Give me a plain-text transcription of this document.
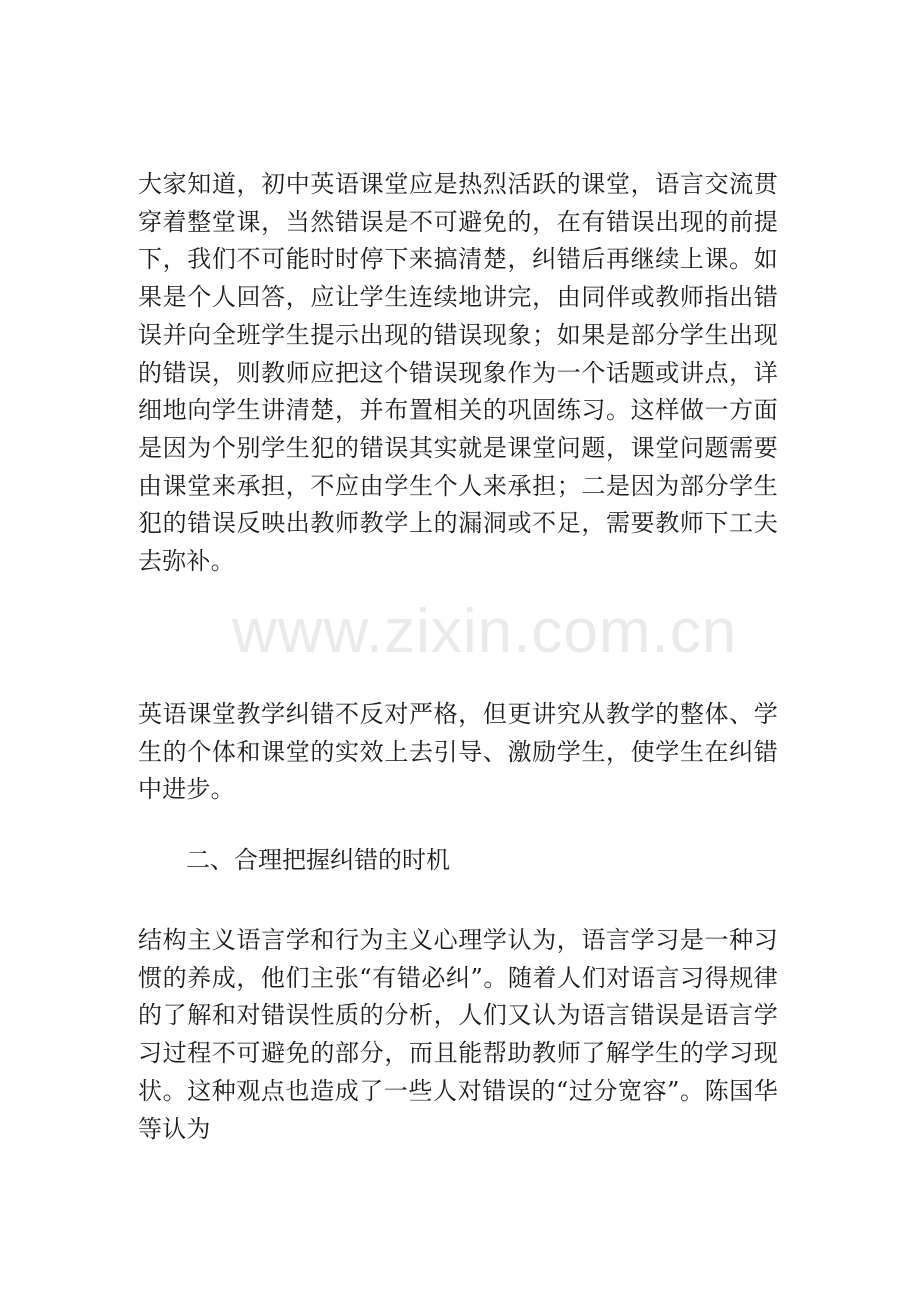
大家知道，初中英语课堂应是热烈活跃的课堂，语言交流贯穿着整堂课，当然错误是不可避免的，在有错误出现的前提下，我们不可能时时停下来搞清楚，纠错后再继续上课。如果是个人回答，应让学生连续地讲完，由同伴或教师指出错误并向全班学生提示出现的错误现象；如果是部分学生出现的错误，则教师应把这个错误现象作为一个话题或讲点，详细地向学生讲清楚，并布置相关的巩固练习。这样做一方面是因为个别学生犯的错误其实就是课堂问题，课堂问题需要由课堂来承担，不应由学生个人来承担；二是因为部分学生犯的错误反映出教师教学上的漏洞或不足，需要教师下工夫去弥补。

www.zixin.com.cn

英语课堂教学纠错不反对严格，但更讲究从教学的整体、学生的个体和课堂的实效上去引导、激励学生，使学生在纠错中进步。

二、合理把握纠错的时机

结构主义语言学和行为主义心理学认为，语言学习是一种习惯的养成，他们主张“有错必纠”。随着人们对语言习得规律的了解和对错误性质的分析，人们又认为语言错误是语言学习过程不可避免的部分，而且能帮助教师了解学生的学习现状。这种观点也造成了一些人对错误的“过分宽容”。陈国华等认为
